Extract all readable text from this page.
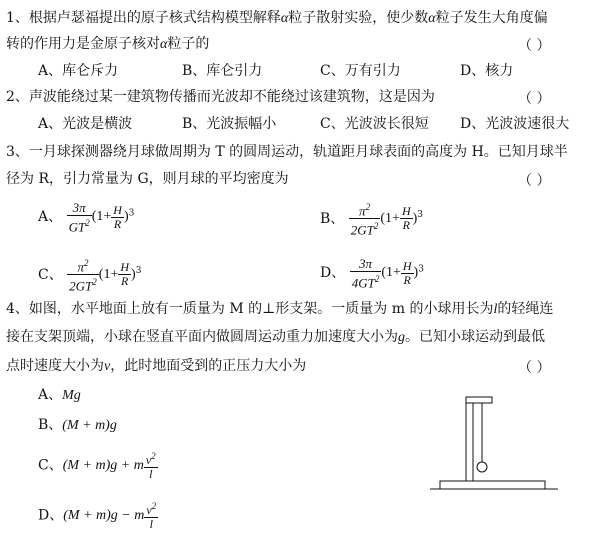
1、根据卢瑟福提出的原子核式结构模型解释α粒子散射实验，使少数α粒子发生大角度偏
转的作用力是金原子核对α粒子的	（ ）
A、库仑斥力	B、库仑引力	C、万有引力	D、核力
2、声波能绕过某一建筑物传播而光波却不能绕过该建筑物，这是因为	（ ）
A、光波是横波	B、光波振幅小	C、光波波长很短 D、光波波速很大
3、一月球探测器绕月球做周期为 T 的圆周运动，轨道距月球表面的高度为 H。已知月球半
径为 R，引力常量为 G，则月球的平均密度为	（ ）
A、 $\frac{3\pi}{GT^2} (1+ \frac{H}{R} )^3$	B、 $\frac{\pi^2}{2GT^2} (1+ \frac{H}{R} )^3$
C、 $\frac{\pi^2}{2GT^2} (1+ \frac{H}{R} )^3$	D、 $\frac{3\pi}{4GT^2} (1+ \frac{H}{R} )^3$
4、如图，水平地面上放有一质量为 M 的⊥形支架。一质量为 m 的小球用长为l的轻绳连
接在支架顶端，小球在竖直平面内做圆周运动重力加速度大小为g。已知小球运动到最低
点时速度大小为v，此时地面受到的正压力大小为	（ ）
A、Mg
B、(M + m)g
C、(M + m)g + m $\frac{v^2}{l}$
D、(M + m)g − m $\frac{v^2}{l}$
